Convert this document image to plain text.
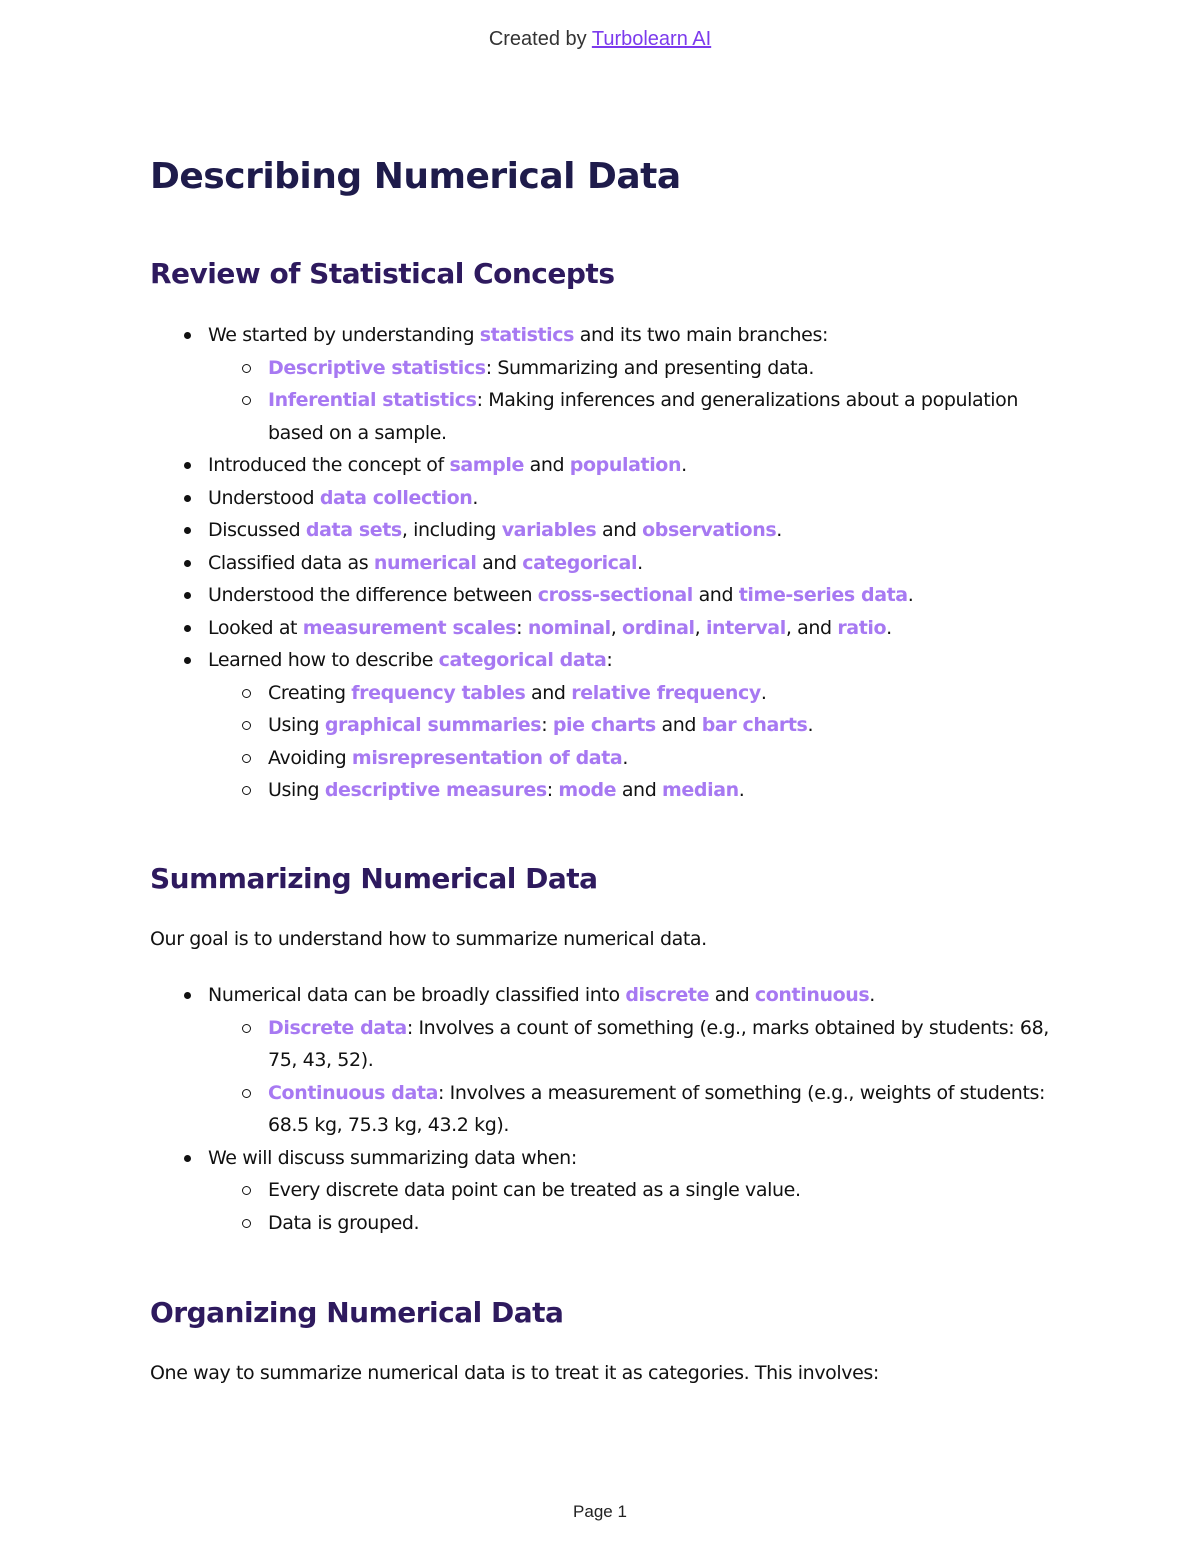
Created by Turbolearn AI
Describing Numerical Data
Review of Statistical Concepts
We started by understanding statistics and its two main branches:
Descriptive statistics: Summarizing and presenting data.
Inferential statistics: Making inferences and generalizations about a population based on a sample.
Introduced the concept of sample and population.
Understood data collection.
Discussed data sets, including variables and observations.
Classified data as numerical and categorical.
Understood the difference between cross-sectional and time-series data.
Looked at measurement scales: nominal, ordinal, interval, and ratio.
Learned how to describe categorical data:
Creating frequency tables and relative frequency.
Using graphical summaries: pie charts and bar charts.
Avoiding misrepresentation of data.
Using descriptive measures: mode and median.
Summarizing Numerical Data

Our goal is to understand how to summarize numerical data.

Numerical data can be broadly classified into discrete and continuous.
Discrete data: Involves a count of something (e.g., marks obtained by students: 68, 75, 43, 52).
Continuous data: Involves a measurement of something (e.g., weights of students: 68.5 kg, 75.3 kg, 43.2 kg).
We will discuss summarizing data when:
Every discrete data point can be treated as a single value.
Data is grouped.
Organizing Numerical Data

One way to summarize numerical data is to treat it as categories. This involves:

Page 1
